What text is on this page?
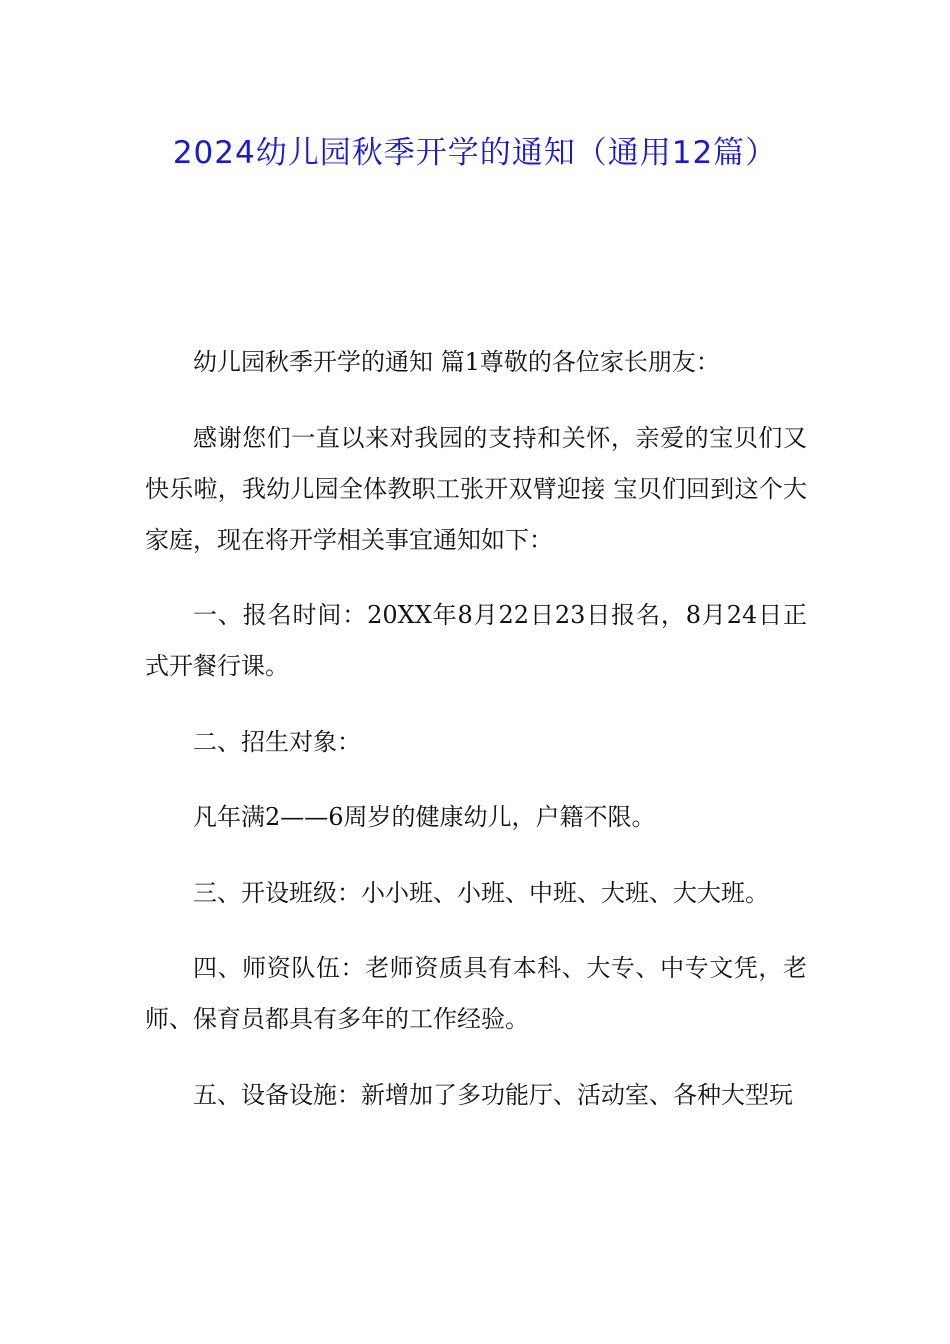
2024幼儿园秋季开学的通知（通用12篇）

幼儿园秋季开学的通知 篇1尊敬的各位家长朋友：

感谢您们一直以来对我园的支持和关怀，亲爱的宝贝们又快乐啦，我幼儿园全体教职工张开双臂迎接 宝贝们回到这个大家庭，现在将开学相关事宜通知如下：

一、报名时间：20XX年8月22日23日报名，8月24日正式开餐行课。

二、招生对象：

凡年满2——6周岁的健康幼儿，户籍不限。

三、开设班级：小小班、小班、中班、大班、大大班。

四、师资队伍：老师资质具有本科、大专、中专文凭，老师、保育员都具有多年的工作经验。

五、设备设施：新增加了多功能厅、活动室、各种大型玩
